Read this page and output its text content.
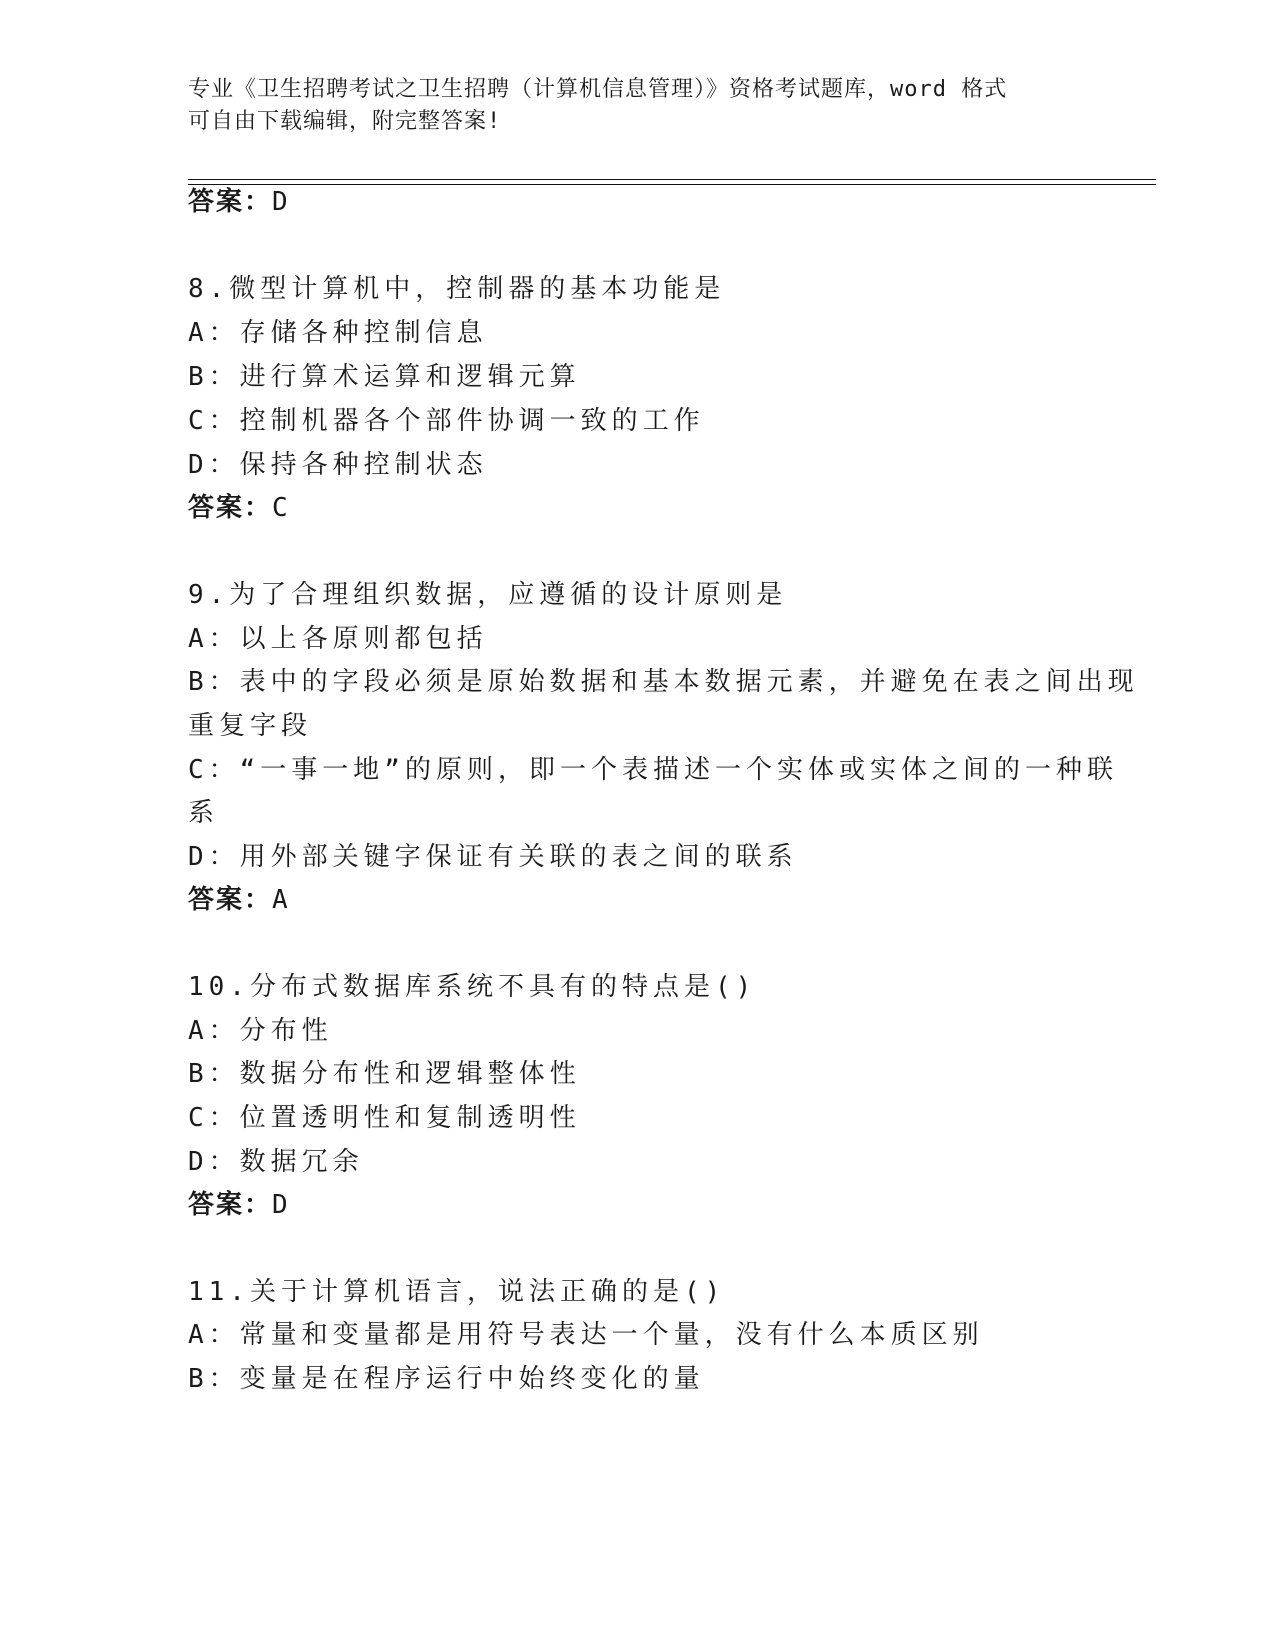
专业《卫生招聘考试之卫生招聘（计算机信息管理）》资格考试题库，word 格式
可自由下载编辑，附完整答案!
答案：D
8.微型计算机中，控制器的基本功能是
A：存储各种控制信息
B：进行算术运算和逻辑元算
C：控制机器各个部件协调一致的工作
D：保持各种控制状态
答案：C
9.为了合理组织数据，应遵循的设计原则是
A：以上各原则都包括
B：表中的字段必须是原始数据和基本数据元素，并避免在表之间出现
重复字段
C：“一事一地”的原则，即一个表描述一个实体或实体之间的一种联
系
D：用外部关键字保证有关联的表之间的联系
答案：A
10.分布式数据库系统不具有的特点是()
A：分布性
B：数据分布性和逻辑整体性
C：位置透明性和复制透明性
D：数据冗余
答案：D
11.关于计算机语言，说法正确的是()
A：常量和变量都是用符号表达一个量，没有什么本质区别
B：变量是在程序运行中始终变化的量
